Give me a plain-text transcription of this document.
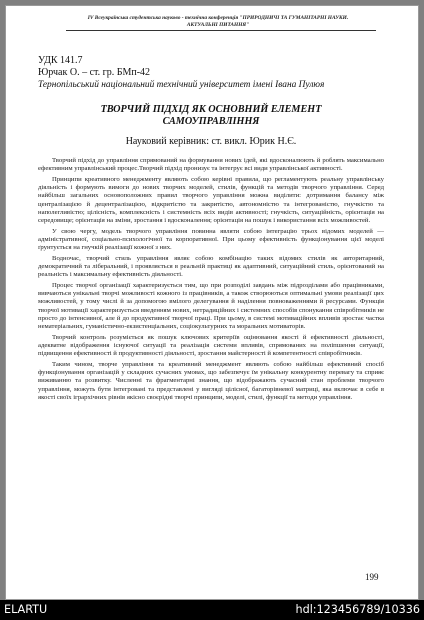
IV Всеукраїнська студентська науково - технічна конференція "ПРИРОДНИЧІ ТА ГУМАНІТАРНІ НАУКИ.
АКТУАЛЬНІ ПИТАННЯ"
УДК 141.7
Юрчак О. – ст. гр. БМп-42
Тернопільський національний технічний університет імені Івана Пулюя
ТВОРЧИЙ ПІДХІД ЯК ОСНОВНИЙ ЕЛЕМЕНТ
САМОУПРАВЛІННЯ
Науковий керівник: ст. викл. Юрик Н.Є.

Творчий підхід до управління спрямований на формування нових ідей, які вдосконалюють й роблять максимально ефективним управлінський процес.Творчий підхід пронизує та інтегрує всі види управлінської активності.

Принципи креативного менеджменту являють собою керівні правила, що регламентують реальну управлінську діяльність і формують вимоги до нових творчих моделей, стилів, функцій та методів творчого управління. Серед найбільш загальних основоположних правил творчого управління можна виділити: дотримання балансу між централізацією й децентралізацією, відкритістю та закритістю, автономністю та інтегрованістю, гнучкістю та наполегливістю; цілісність, комплексність і системність всіх видів активності; гнучкість, ситуаційність, орієнтація на середовище; орієнтація на зміни, зростання і вдосконалення; орієнтація на пошук і використання всіх можливостей.

У свою чергу, модель творчого управління повинна являти собою інтеграцію трьох відомих моделей — адміністративної, соціально-психологічної та корпоративної. При цьому ефективність функціонування цієї моделі ґрунтується на гнучкій реалізації кожної з них.

Водночас, творчий стиль управління являє собою комбінацію таких відомих стилів як авторитарний, демократичний та ліберальний, і проявляється в реальній практиці як адаптивний, ситуаційний стиль, орієнтований на реальність і максимальну ефективність діяльності.

Процес творчої організації характеризується тим, що при розподілі завдань між підрозділами або працівниками, вивчаються унікальні творчі можливості кожного із працівників, а також створюються оптимальні умови реалізації цих можливостей, у тому числі й за допомогою вмілого делегування й наділення повноваженнями й ресурсами. Функція творчої мотивації характеризується введенням нових, нетрадиційних і системних способів спонукання співробітників не просто до інтенсивної, але й до продуктивної творчої праці. При цьому, в системі мотиваційних впливів зростає частка нематеріальних, гуманістично-екзистенціальних, соціокультурних та моральних мотиваторів.

Творчий контроль розуміється як пошук ключових критеріїв оцінювання якості й ефективності діяльності, адекватне відображення існуючої ситуації та реалізація системи впливів, спрямованих на поліпшення ситуації, підвищення ефективності й продуктивності діяльності, зростання майстерності й компетентності співробітників.

Таким чином, творче управління та креативний менеджмент являють собою найбільш ефективний спосіб функціонування організацій у складних сучасних умовах, що забезпечує їм унікальну конкурентну перевагу та сприяє виживанню та розвитку. Численні та фрагментарні знання, що відображають сучасний стан проблеми творчого управління, можуть бути інтегровані та представлені у вигляді цілісної, багаторівневої матриці, яка включає в себе в якості своїх ігрархічних рівнів якісно своєрідні творчі принципи, моделі, стилі, функції та методи управління.

199
ELARTU	hdl:123456789/10336
